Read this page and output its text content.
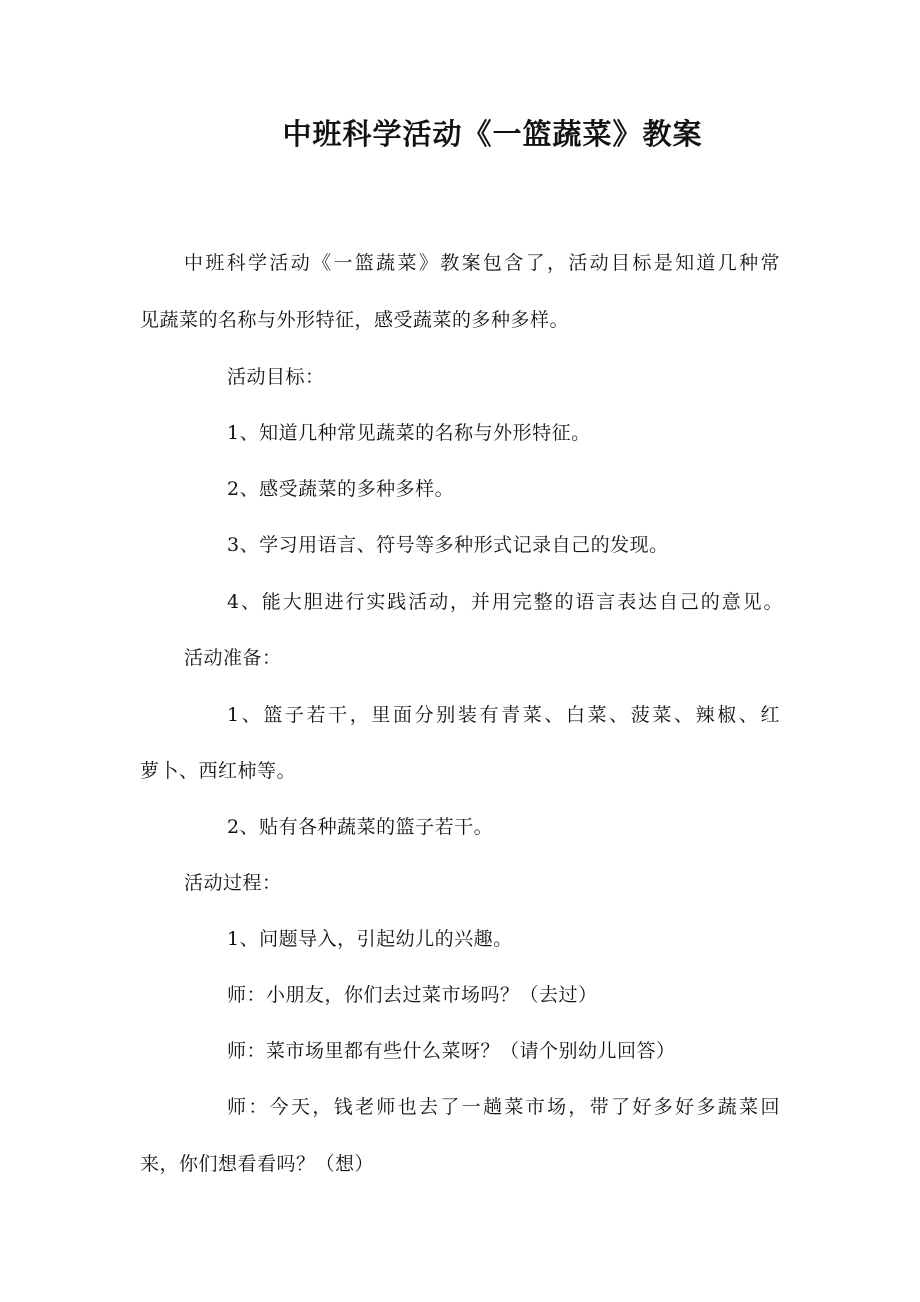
中班科学活动《一篮蔬菜》教案
中班科学活动《一篮蔬菜》教案包含了，活动目标是知道几种常
见蔬菜的名称与外形特征，感受蔬菜的多种多样。
活动目标：
1、知道几种常见蔬菜的名称与外形特征。
2、感受蔬菜的多种多样。
3、学习用语言、符号等多种形式记录自己的发现。
4、能大胆进行实践活动，并用完整的语言表达自己的意见。
活动准备：
1、篮子若干，里面分别装有青菜、白菜、菠菜、辣椒、红
萝卜、西红柿等。
2、贴有各种蔬菜的篮子若干。
活动过程：
1、问题导入，引起幼儿的兴趣。
师：小朋友，你们去过菜市场吗？（去过）
师：菜市场里都有些什么菜呀？（请个别幼儿回答）
师：今天，钱老师也去了一趟菜市场，带了好多好多蔬菜回
来，你们想看看吗？（想）
